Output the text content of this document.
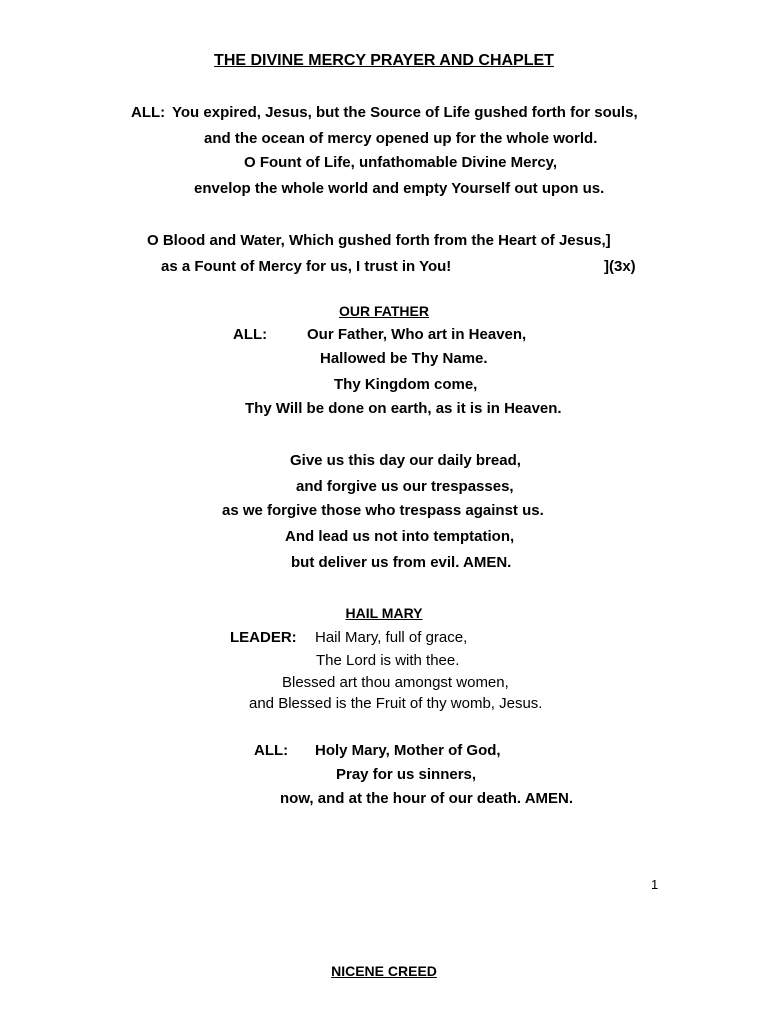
THE DIVINE MERCY PRAYER AND CHAPLET
ALL: You expired, Jesus, but the Source of Life gushed forth for souls,
and the ocean of mercy opened up for the whole world.
O Fount of Life, unfathomable Divine Mercy,
envelop the whole world and empty Yourself out upon us.
O Blood and Water, Which gushed forth from the Heart of Jesus,]
as a Fount of Mercy for us, I trust in You!	](3x)
OUR FATHER
ALL:	Our Father, Who art in Heaven,
Hallowed be Thy Name.
Thy Kingdom come,
Thy Will be done on earth, as it is in Heaven.
Give us this day our daily bread,
and forgive us our trespasses,
as we forgive those who trespass against us.
And lead us not into temptation,
but deliver us from evil. AMEN.
HAIL MARY
LEADER: Hail Mary, full of grace,
The Lord is with thee.
Blessed art thou amongst women,
and Blessed is the Fruit of thy womb, Jesus.
ALL: Holy Mary, Mother of God,
Pray for us sinners,
now, and at the hour of our death. AMEN.
1
NICENE CREED
